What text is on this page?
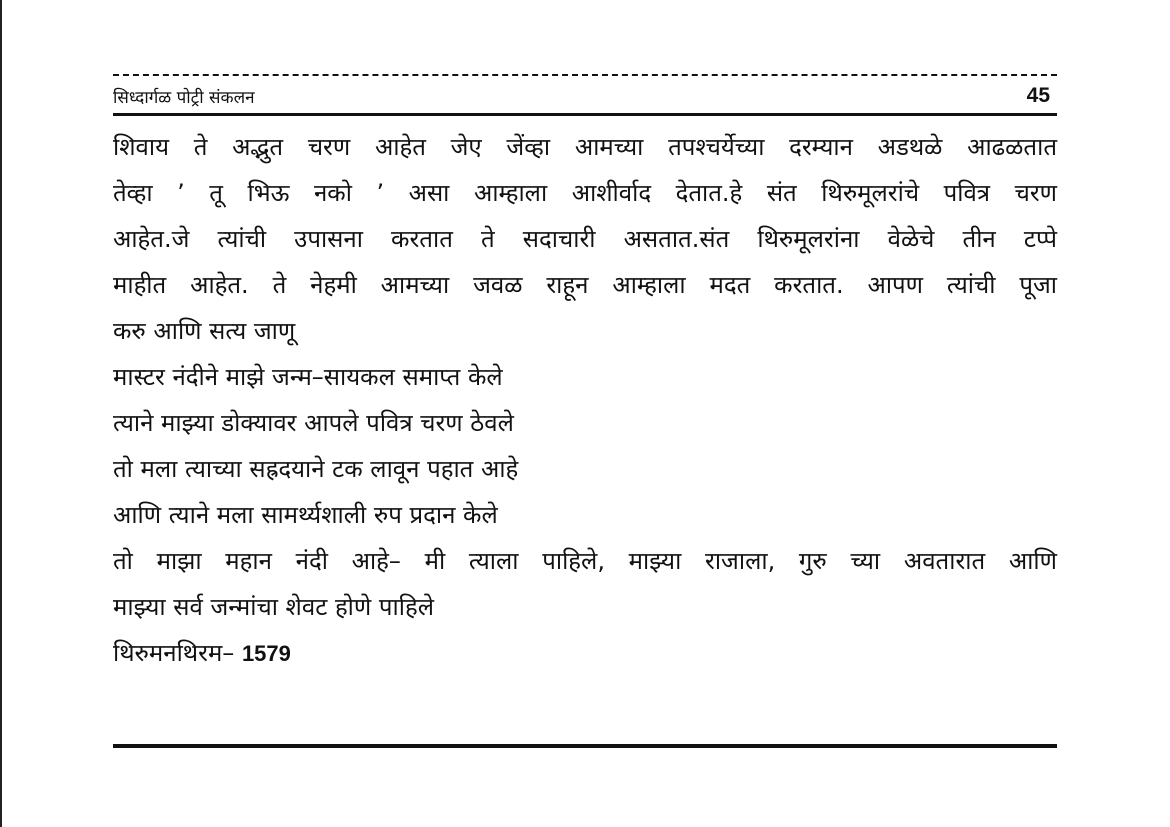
सिध्दार्गळ पोट्री संकलन	45
शिवाय ते अद्भुत चरण आहेत जेए जेंव्हा आमच्या तपश्चर्येच्या दरम्यान अडथळे आढळतात
तेव्हा ’ तू भिऊ नको ’ असा आम्हाला आशीर्वाद देतात.हे संत थिरुमूलरांचे पवित्र चरण
आहेत.जे त्यांची उपासना करतात ते सदाचारी असतात.संत थिरुमूलरांना वेळेचे तीन टप्पे
माहीत आहेत. ते नेहमी आमच्या जवळ राहून आम्हाला मदत करतात. आपण त्यांची पूजा
करु आणि सत्य जाणू
मास्टर नंदीने माझे जन्म–सायकल समाप्त केले
त्याने माझ्या डोक्यावर आपले पवित्र चरण ठेवले
तो मला त्याच्या सह्रदयाने टक लावून पहात आहे
आणि त्याने मला सामर्थ्यशाली रुप प्रदान केले
तो माझा महान नंदी आहे– मी त्याला पाहिले, माझ्या राजाला, गुरु च्या अवतारात आणि
माझ्या सर्व जन्मांचा शेवट होणे पाहिले
थिरुमनथिरम– 1579
